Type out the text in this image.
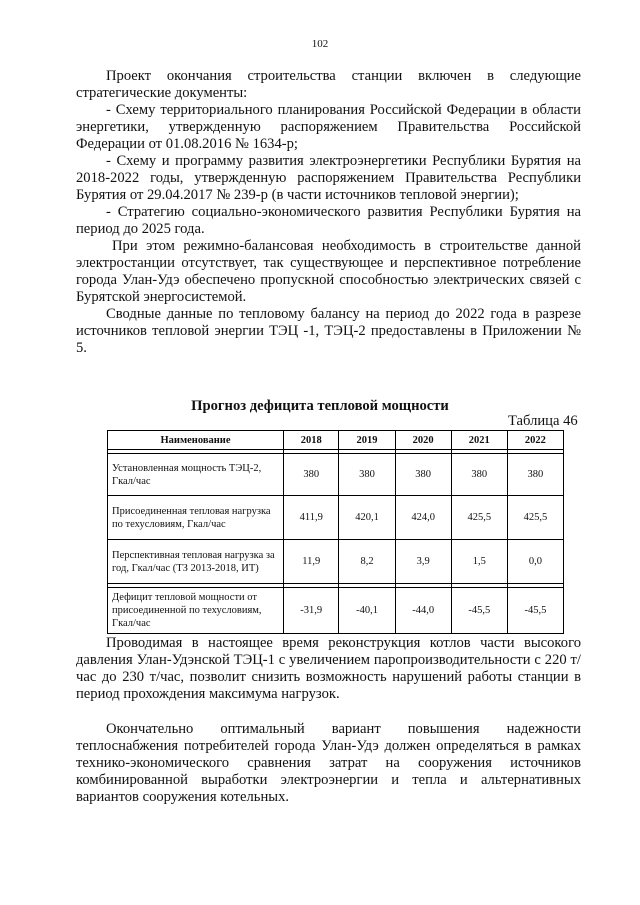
102
Проект окончания строительства станции включен в следующие стратегические документы:
- Схему территориального планирования Российской Федерации в области энергетики, утвержденную распоряжением Правительства Российской Федерации от 01.08.2016 № 1634-р;
- Схему и программу развития электроэнергетики Республики Бурятия на 2018-2022 годы, утвержденную распоряжением Правительства Республики Бурятия от 29.04.2017 № 239-р (в части источников тепловой энергии);
- Стратегию социально-экономического развития Республики Бурятия на период до 2025 года.
При этом режимно-балансовая необходимость в строительстве данной электростанции отсутствует, так существующее и перспективное потребление города Улан-Удэ обеспечено пропускной способностью электрических связей с Бурятской энергосистемой.
Сводные данные по тепловому балансу на период до 2022 года в разрезе источников тепловой энергии ТЭЦ -1, ТЭЦ-2 предоставлены в Приложении № 5.
Прогноз дефицита тепловой мощности
Таблица 46
Наименование	2018	2019	2020	2021	2022

Установленная мощность ТЭЦ-2, Гкал/час	380	380	380	380	380
Присоединенная тепловая нагрузка по техусловиям, Гкал/час	411,9	420,1	424,0	425,5	425,5
Перспективная тепловая нагрузка за год, Гкал/час (ТЗ 2013-2018, ИТ)	11,9	8,2	3,9	1,5	0,0

Дефицит тепловой мощности от присоединенной по техусловиям, Гкал/час	-31,9	-40,1	-44,0	-45,5	-45,5
Проводимая в настоящее время реконструкция котлов части высокого давления Улан-Удэнской ТЭЦ-1 с увеличением паропроизводительности с 220 т/час до 230 т/час, позволит снизить возможность нарушений работы станции в период прохождения максимума нагрузок.
Окончательно оптимальный вариант повышения надежности теплоснабжения потребителей города Улан-Удэ должен определяться в рамках технико-экономического сравнения затрат на сооружения источников комбинированной выработки электроэнергии и тепла и альтернативных вариантов сооружения котельных.
